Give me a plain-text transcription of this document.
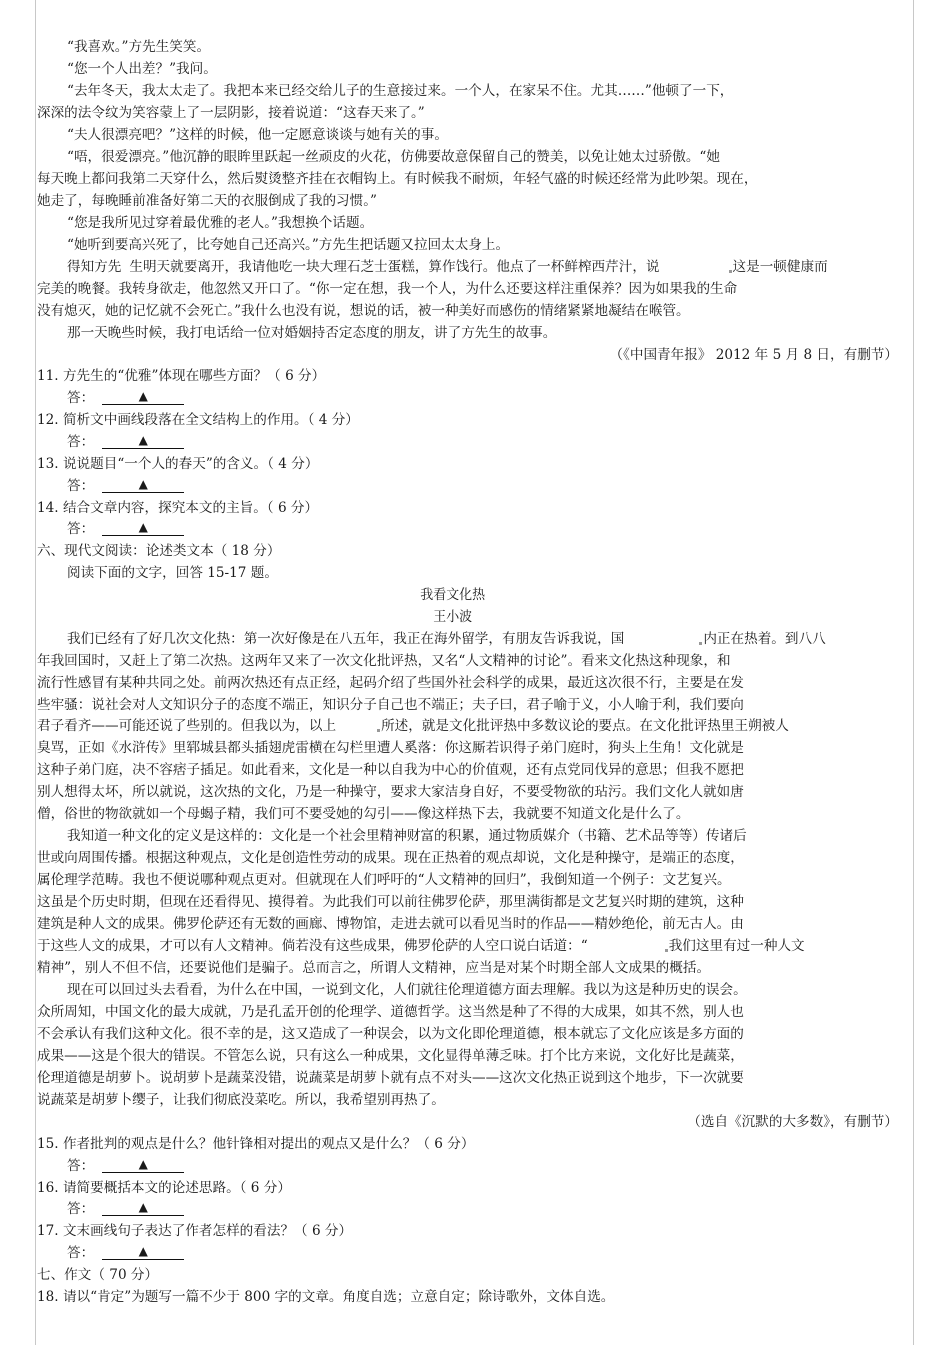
“我喜欢。”方先生笑笑。
“您一个人出差？”我问。
“去年冬天，我太太走了。我把本来已经交给儿子的生意接过来。一个人，在家呆不住。尤其……”他顿了一下，
深深的法令纹为笑容蒙上了一层阴影，接着说道：“这春天来了。”
“夫人很漂亮吧？”这样的时候，他一定愿意谈谈与她有关的事。
“唔，很爱漂亮。”他沉静的眼眸里跃起一丝顽皮的火花，仿佛要故意保留自己的赞美，以免让她太过骄傲。“她
每天晚上都问我第二天穿什么，然后熨烫整齐挂在衣帽钩上。有时候我不耐烦，年轻气盛的时候还经常为此吵架。现在，
她走了，每晚睡前准备好第二天的衣服倒成了我的习惯。”
“您是我所见过穿着最优雅的老人。”我想换个话题。
“她听到要高兴死了，比夸她自己还高兴。”方先生把话题又拉回太太身上。
得知方先 生明天就要离开，我请他吃一块大理石芝士蛋糕，算作饯行。他点了一杯鲜榨西芹汁，说	这是一顿健康而
完美的晚餐。我转身欲走，他忽然又开口了。“你一定在想，我一个人，为什么还要这样注重保养？因为如果我的生命
没有熄灭，她的记忆就不会死亡。”我什么也没有说，想说的话，被一种美好而感伤的情绪紧紧地凝结在喉管。
那一天晚些时候，我打电话给一位对婚姻持否定态度的朋友，讲了方先生的故事。
（《中国青年报》 2012 年 5 月 8 日，有删节）
11. 方先生的“优雅”体现在哪些方面？（ 6 分）
答：	▲
12. 简析文中画线段落在全文结构上的作用。（ 4 分）
答：	▲
13. 说说题目“一个人的春天”的含义。（ 4 分）
答：	▲
14. 结合文章内容，探究本文的主旨。（ 6 分）
答：	▲
六、现代文阅读：论述类文本（ 18 分）
阅读下面的文字，回答 15-17 题。
我看文化热
王小波
我们已经有了好几次文化热：第一次好像是在八五年，我正在海外留学，有朋友告诉我说，国	内正在热着。到八八
年我回国时，又赶上了第二次热。这两年又来了一次文化批评热，又名“人文精神的讨论”。看来文化热这种现象，和
流行性感冒有某种共同之处。前两次热还有点正经，起码介绍了些国外社会科学的成果，最近这次很不行，主要是在发
些牢骚：说社会对人文知识分子的态度不端正，知识分子自己也不端正；夫子曰，君子喻于义，小人喻于利，我们要向
君子看齐——可能还说了些别的。但我以为，以上	所述，就是文化批评热中多数议论的要点。在文化批评热里王朔被人
臭骂，正如《水浒传》里郓城县都头插翅虎雷横在勾栏里遭人奚落：你这厮若识得子弟门庭时，狗头上生角！文化就是
这种子弟门庭，决不容痞子插足。如此看来，文化是一种以自我为中心的价值观，还有点党同伐异的意思；但我不愿把
别人想得太坏，所以就说，这次热的文化，乃是一种操守，要求大家洁身自好，不要受物欲的玷污。我们文化人就如唐
僧，俗世的物欲就如一个母蝎子精，我们可不要受她的勾引——像这样热下去，我就要不知道文化是什么了。
我知道一种文化的定义是这样的：文化是一个社会里精神财富的积累，通过物质媒介（书籍、艺术品等等）传诸后
世或向周围传播。根据这种观点，文化是创造性劳动的成果。现在正热着的观点却说，文化是种操守，是端正的态度，
属伦理学范畴。我也不便说哪种观点更对。但就现在人们呼吁的“人文精神的回归”，我倒知道一个例子：文艺复兴。
这虽是个历史时期，但现在还看得见、摸得着。为此我们可以前往佛罗伦萨，那里满街都是文艺复兴时期的建筑，这种
建筑是种人文的成果。佛罗伦萨还有无数的画廊、博物馆，走进去就可以看见当时的作品——精妙绝伦，前无古人。由
于这些人文的成果，才可以有人文精神。倘若没有这些成果，佛罗伦萨的人空口说白话道：“	我们这里有过一种人文
精神”，别人不但不信，还要说他们是骗子。总而言之，所谓人文精神，应当是对某个时期全部人文成果的概括。
现在可以回过头去看看，为什么在中国，一说到文化，人们就往伦理道德方面去理解。我以为这是种历史的误会。
众所周知，中国文化的最大成就，乃是孔孟开创的伦理学、道德哲学。这当然是种了不得的大成果，如其不然，别人也
不会承认有我们这种文化。很不幸的是，这又造成了一种误会，以为文化即伦理道德，根本就忘了文化应该是多方面的
成果——这是个很大的错误。不管怎么说，只有这么一种成果，文化显得单薄乏味。打个比方来说，文化好比是蔬菜，
伦理道德是胡萝卜。说胡萝卜是蔬菜没错，说蔬菜是胡萝卜就有点不对头——这次文化热正说到这个地步，下一次就要
说蔬菜是胡萝卜缨子，让我们彻底没菜吃。所以，我希望别再热了。
（选自《沉默的大多数》，有删节）
15. 作者批判的观点是什么？他针锋相对提出的观点又是什么？（ 6 分）
答：	▲
16. 请简要概括本文的论述思路。（ 6 分）
答：	▲
17. 文末画线句子表达了作者怎样的看法？（ 6 分）
答：	▲
七、作文（ 70 分）
18. 请以“肯定”为题写一篇不少于 800 字的文章。角度自选；立意自定；除诗歌外，文体自选。
